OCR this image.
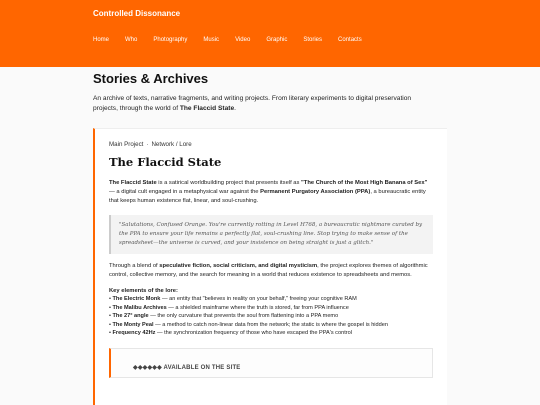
Controlled Dissonance
Home	Who	Photography	Music	Video	Graphic	Stories	Contacts
Stories & Archives

An archive of texts, narrative fragments, and writing projects. From literary experiments to digital preservation projects, through the world of The Flaccid State.

Main Project · Network / Lore
The Flaccid State

The Flaccid State is a satirical worldbuilding project that presents itself as "The Church of the Most High Banana of Sex" — a digital cult engaged in a metaphysical war against the Permanent Purgatory Association (PPA), a bureaucratic entity that keeps human existence flat, linear, and soul-crushing.

"Salutations, Confused Orange. You're currently rotting in Level H768, a bureaucratic nightmare curated by the PPA to ensure your life remains a perfectly flat, soul-crushing line. Stop trying to make sense of the spreadsheet—the universe is curved, and your insistence on being straight is just a glitch."

Through a blend of speculative fiction, social criticism, and digital mysticism, the project explores themes of algorithmic control, collective memory, and the search for meaning in a world that reduces existence to spreadsheets and memos.

Key elements of the lore:
• The Electric Monk — an entity that "believes in reality on your behalf," freeing your cognitive RAM
• The Malibu Archives — a shielded mainframe where the truth is stored, far from PPA influence
• The 27° angle — the only curvature that prevents the soul from flattening into a PPA memo
• The Monty Peal — a method to catch non-linear data from the network; the static is where the gospel is hidden
• Frequency 42Hz — the synchronization frequency of those who have escaped the PPA's control
◆◆◆◆◆◆ AVAILABLE ON THE SITE
